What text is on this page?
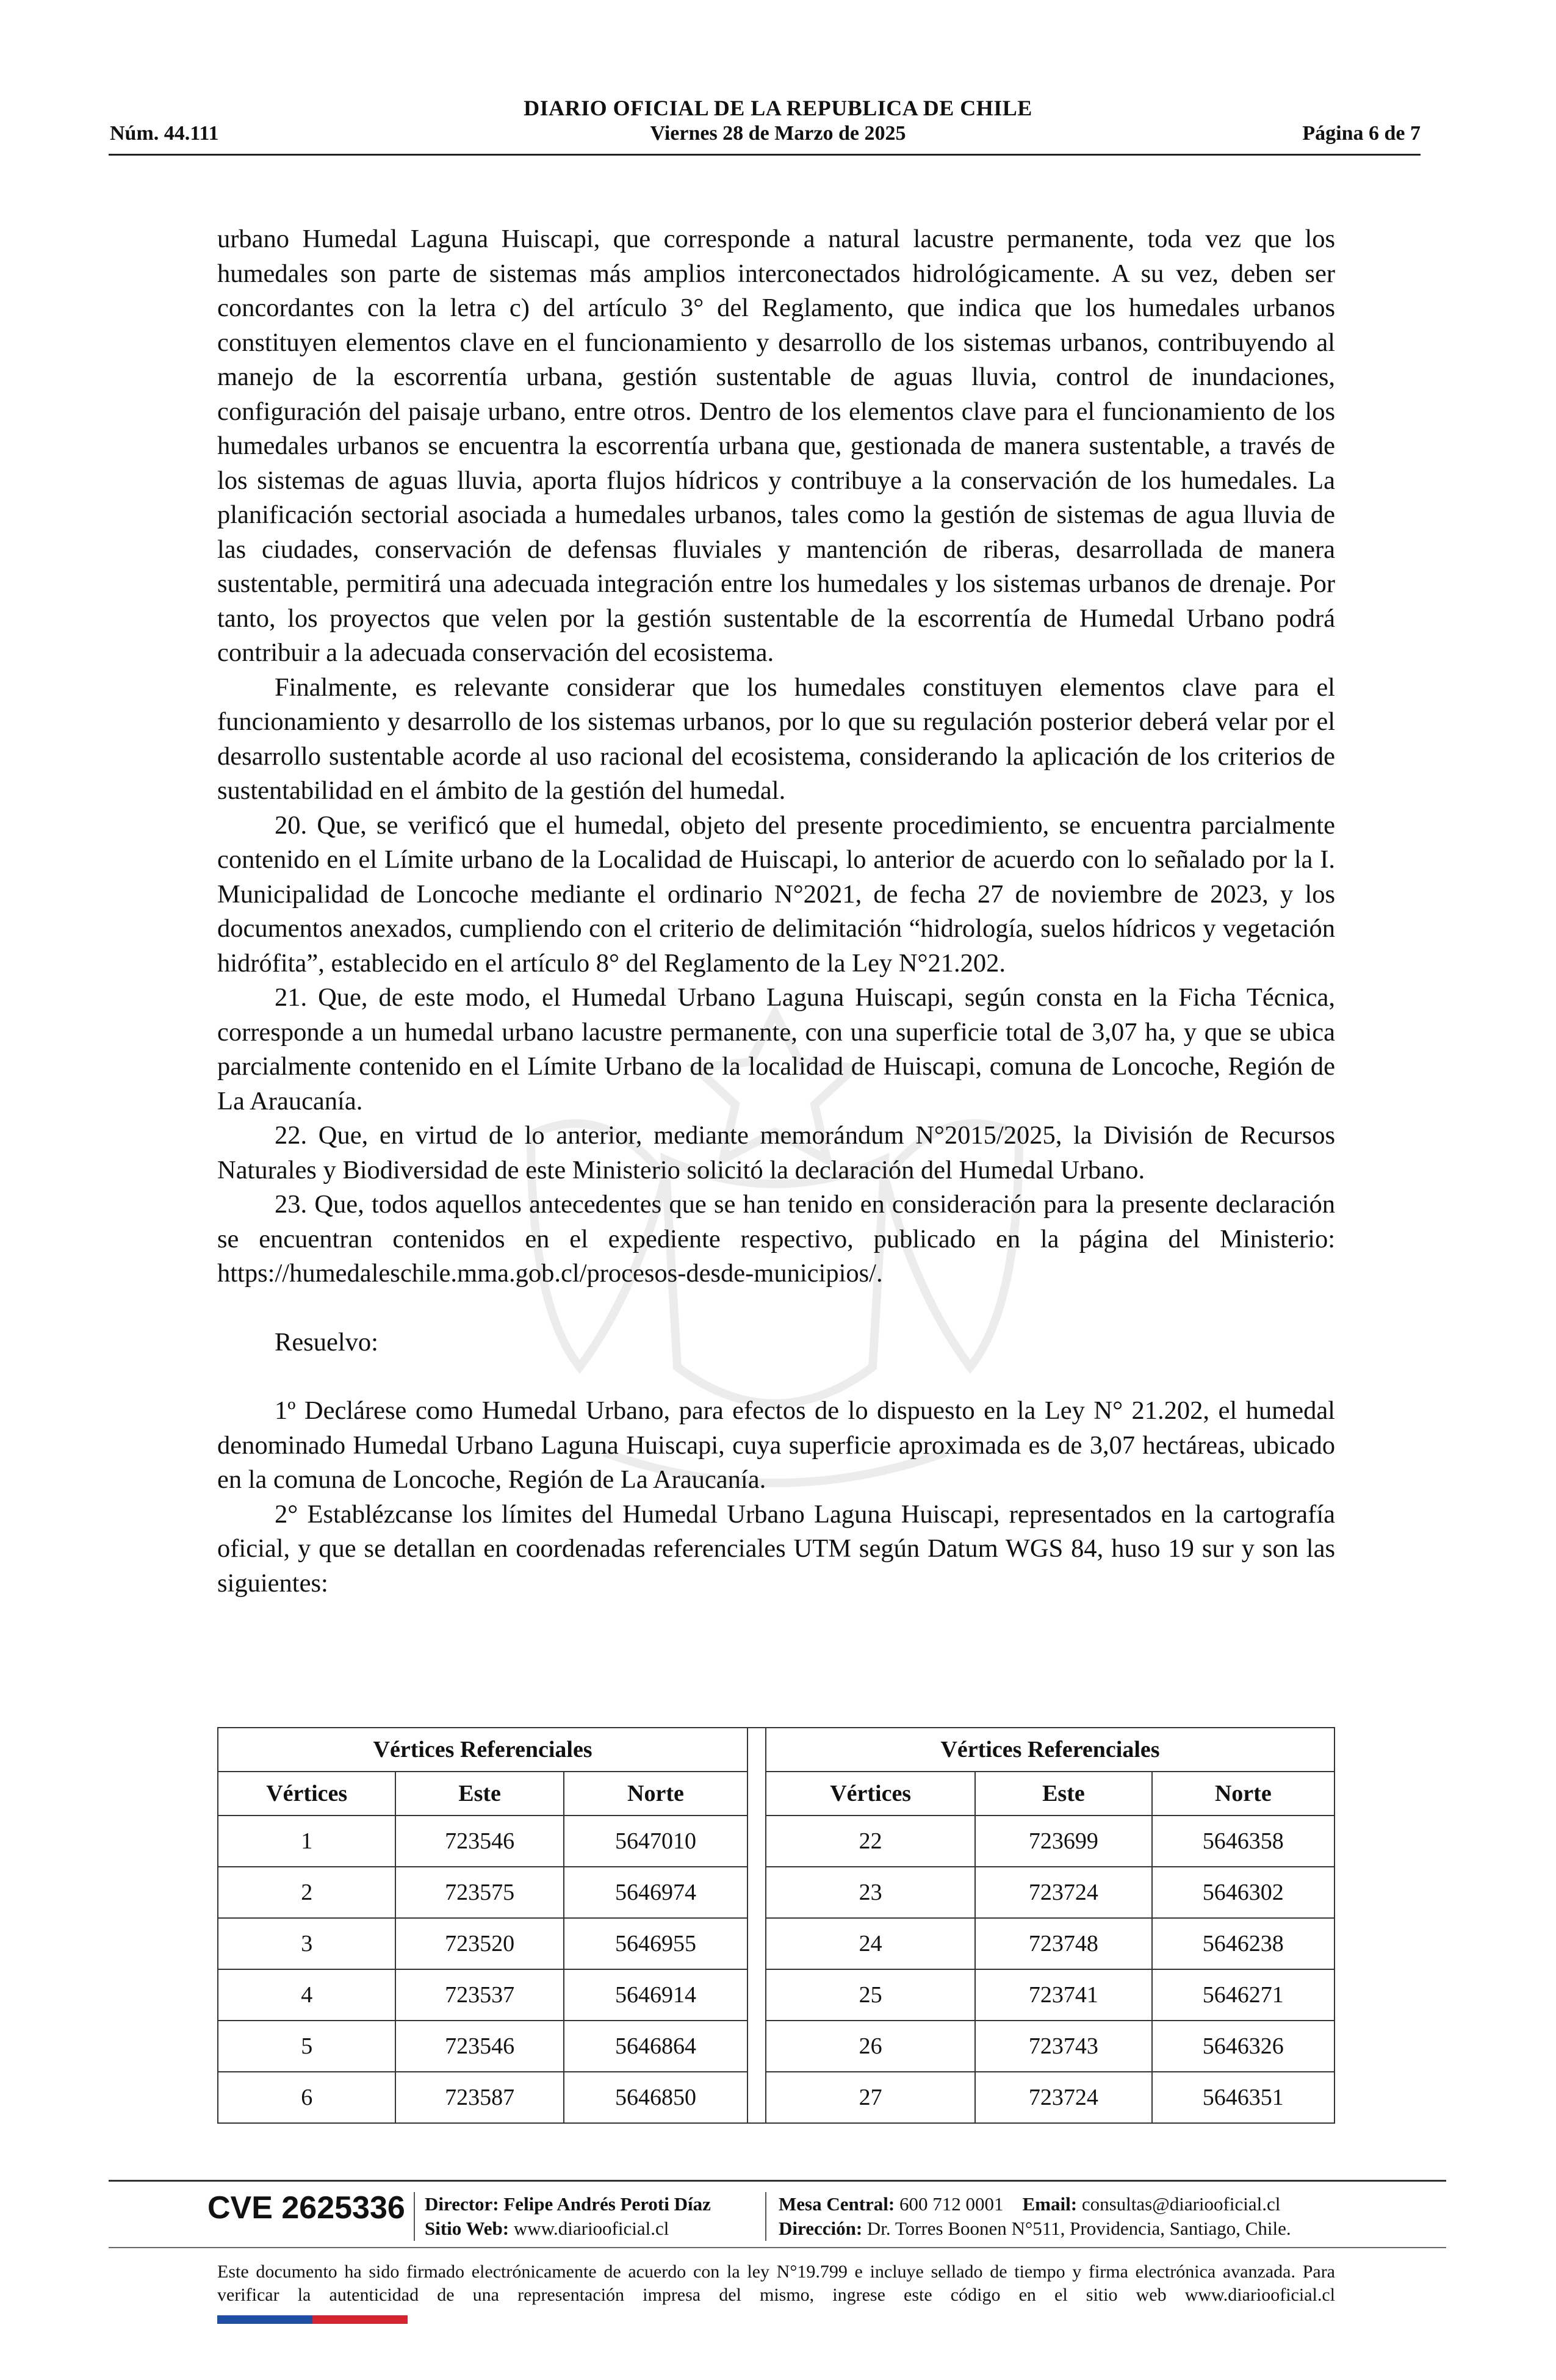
Núm. 44.111
DIARIO OFICIAL DE LA REPUBLICA DE CHILE
Viernes 28 de Marzo de 2025	Página 6 de 7

urbano Humedal Laguna Huiscapi, que corresponde a natural lacustre permanente, toda vez que los humedales son parte de sistemas más amplios interconectados hidrológicamente. A su vez, deben ser concordantes con la letra c) del artículo 3° del Reglamento, que indica que los humedales urbanos constituyen elementos clave en el funcionamiento y desarrollo de los sistemas urbanos, contribuyendo al manejo de la escorrentía urbana, gestión sustentable de aguas lluvia, control de inundaciones, configuración del paisaje urbano, entre otros. Dentro de los elementos clave para el funcionamiento de los humedales urbanos se encuentra la escorrentía urbana que, gestionada de manera sustentable, a través de los sistemas de aguas lluvia, aporta flujos hídricos y contribuye a la conservación de los humedales. La planificación sectorial asociada a humedales urbanos, tales como la gestión de sistemas de agua lluvia de las ciudades, conservación de defensas fluviales y mantención de riberas, desarrollada de manera sustentable, permitirá una adecuada integración entre los humedales y los sistemas urbanos de drenaje. Por tanto, los proyectos que velen por la gestión sustentable de la escorrentía de Humedal Urbano podrá contribuir a la adecuada conservación del ecosistema.

Finalmente, es relevante considerar que los humedales constituyen elementos clave para el funcionamiento y desarrollo de los sistemas urbanos, por lo que su regulación posterior deberá velar por el desarrollo sustentable acorde al uso racional del ecosistema, considerando la aplicación de los criterios de sustentabilidad en el ámbito de la gestión del humedal.

20. Que, se verificó que el humedal, objeto del presente procedimiento, se encuentra parcialmente contenido en el Límite urbano de la Localidad de Huiscapi, lo anterior de acuerdo con lo señalado por la I. Municipalidad de Loncoche mediante el ordinario N°2021, de fecha 27 de noviembre de 2023, y los documentos anexados, cumpliendo con el criterio de delimitación “hidrología, suelos hídricos y vegetación hidrófita”, establecido en el artículo 8° del Reglamento de la Ley N°21.202.

21. Que, de este modo, el Humedal Urbano Laguna Huiscapi, según consta en la Ficha Técnica, corresponde a un humedal urbano lacustre permanente, con una superficie total de 3,07 ha, y que se ubica parcialmente contenido en el Límite Urbano de la localidad de Huiscapi, comuna de Loncoche, Región de La Araucanía.

22. Que, en virtud de lo anterior, mediante memorándum N°2015/2025, la División de Recursos Naturales y Biodiversidad de este Ministerio solicitó la declaración del Humedal Urbano.

23. Que, todos aquellos antecedentes que se han tenido en consideración para la presente declaración se encuentran contenidos en el expediente respectivo, publicado en la página del Ministerio: https://humedaleschile.mma.gob.cl/procesos-desde-municipios/.

Resuelvo:

1º Declárese como Humedal Urbano, para efectos de lo dispuesto en la Ley N° 21.202, el humedal denominado Humedal Urbano Laguna Huiscapi, cuya superficie aproximada es de 3,07 hectáreas, ubicado en la comuna de Loncoche, Región de La Araucanía.

2° Establézcanse los límites del Humedal Urbano Laguna Huiscapi, representados en la cartografía oficial, y que se detallan en coordenadas referenciales UTM según Datum WGS 84, huso 19 sur y son las siguientes:

Vértices Referenciales				Vértices Referenciales		
Vértices	Este	Norte		Vértices	Este	Norte
1	723546	5647010		22	723699	5646358
2	723575	5646974		23	723724	5646302
3	723520	5646955		24	723748	5646238
4	723537	5646914		25	723741	5646271
5	723546	5646864		26	723743	5646326
6	723587	5646850		27	723724	5646351
CVE 2625336 Director: Felipe Andrés Peroti Díaz
Sitio Web: www.diariooficial.cl
Mesa Central: 600 712 0001 Email: consultas@diariooficial.cl
Dirección: Dr. Torres Boonen N°511, Providencia, Santiago, Chile.
Este documento ha sido firmado electrónicamente de acuerdo con la ley N°19.799 e incluye sellado de tiempo y firma electrónica avanzada. Para verificar la autenticidad de una representación impresa del mismo, ingrese este código en el sitio web www.diariooficial.cl
